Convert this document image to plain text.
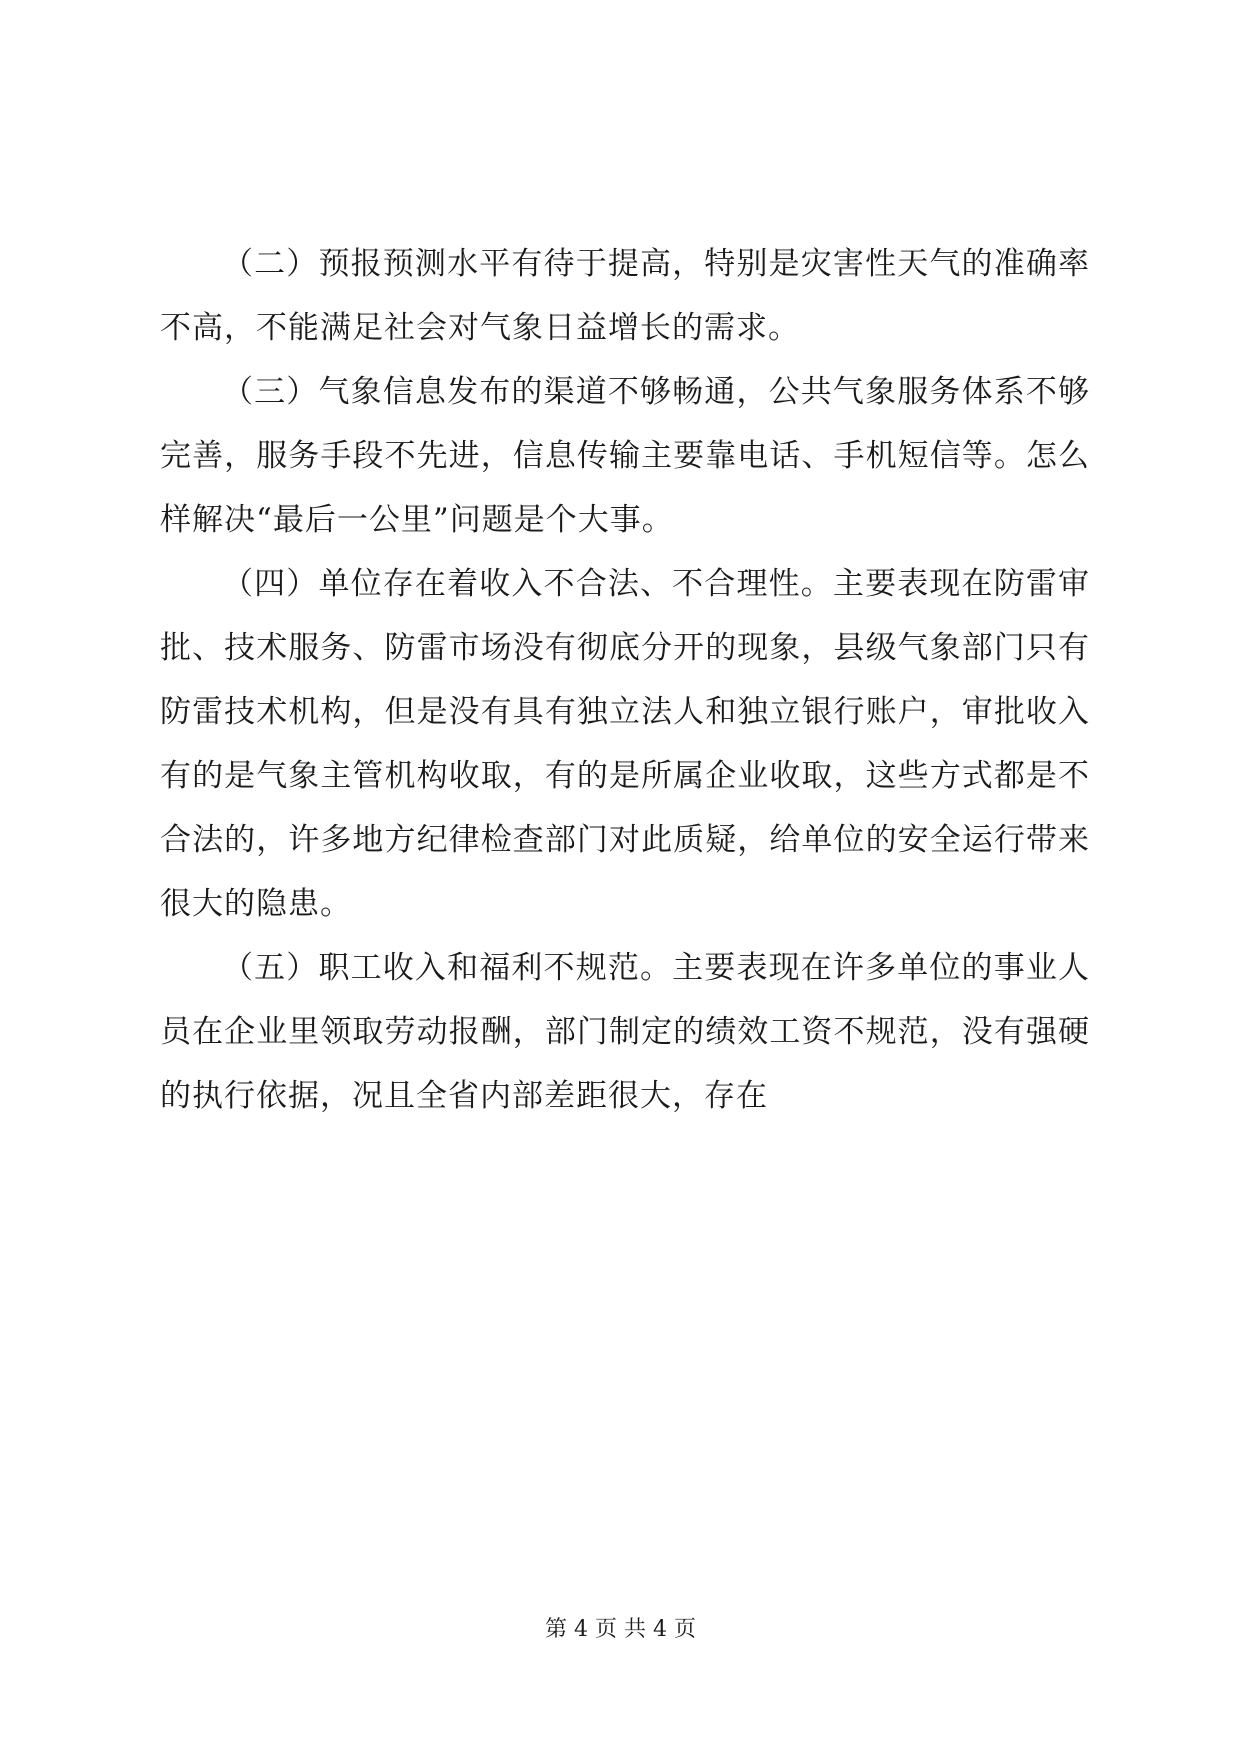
（二）预报预测水平有待于提高，特别是灾害性天气的准确率不高，不能满足社会对气象日益增长的需求。

（三）气象信息发布的渠道不够畅通，公共气象服务体系不够完善，服务手段不先进，信息传输主要靠电话、手机短信等。怎么样解决“最后一公里”问题是个大事。

（四）单位存在着收入不合法、不合理性。主要表现在防雷审批、技术服务、防雷市场没有彻底分开的现象，县级气象部门只有防雷技术机构，但是没有具有独立法人和独立银行账户，审批收入有的是气象主管机构收取，有的是所属企业收取，这些方式都是不合法的，许多地方纪律检查部门对此质疑，给单位的安全运行带来很大的隐患。

（五）职工收入和福利不规范。主要表现在许多单位的事业人员在企业里领取劳动报酬，部门制定的绩效工资不规范，没有强硬的执行依据，况且全省内部差距很大，存在

第 4 页 共 4 页
